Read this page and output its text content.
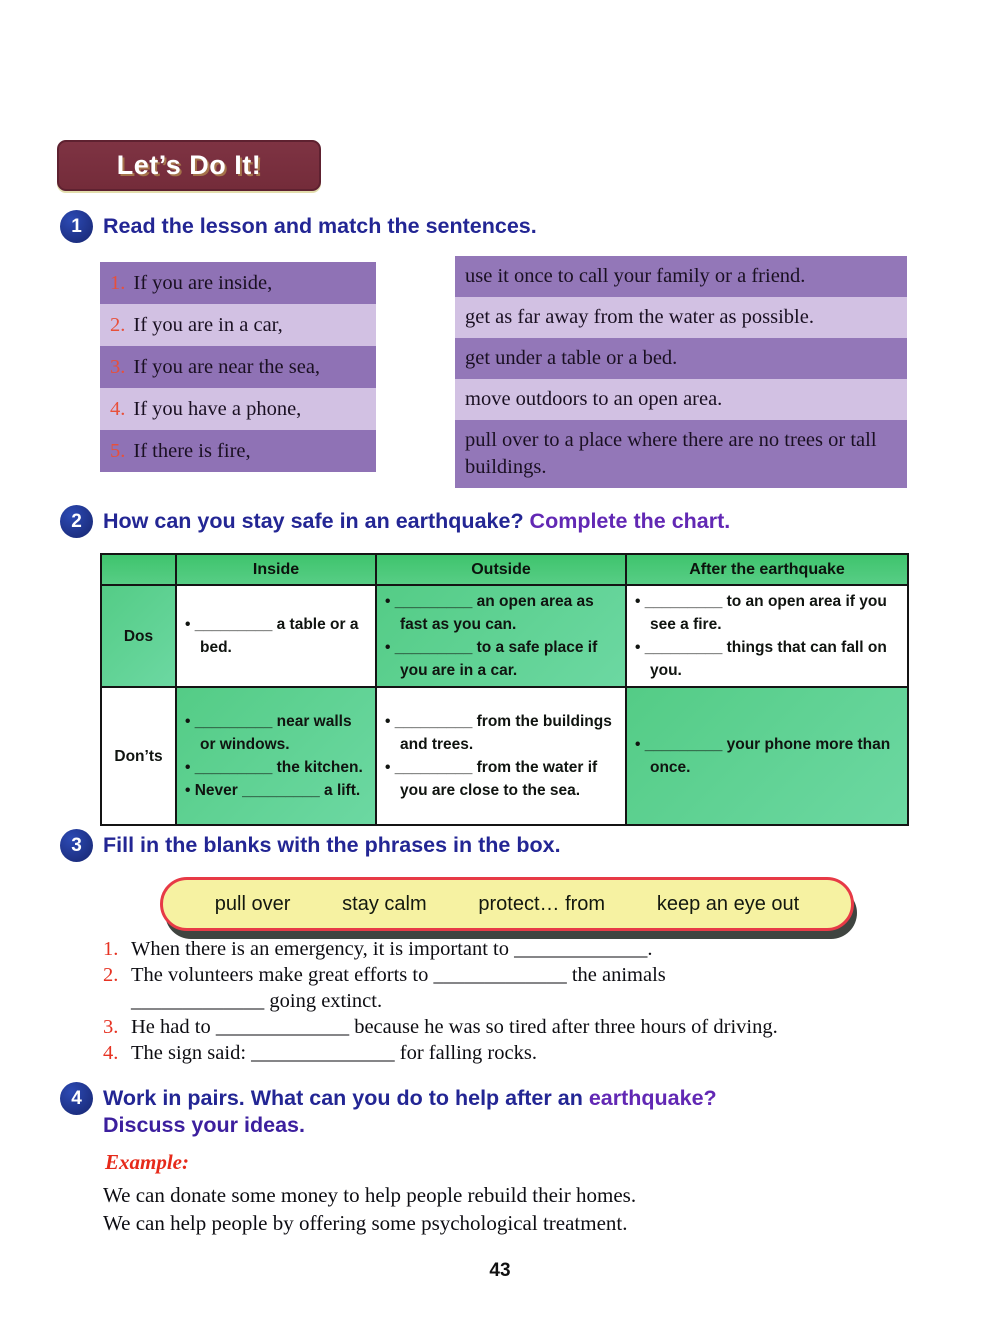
Let’s Do It!
1 Read the lesson and match the sentences.
1. If you are inside,
2. If you are in a car,
3. If you are near the sea,
4. If you have a phone,
5. If there is fire,
use it once to call your family or a friend.
get as far away from the water as possible.
get under a table or a bed.
move outdoors to an open area.
pull over to a place where there are no trees or tall buildings.
2 How can you stay safe in an earthquake? Complete the chart.
	Inside	Outside	After the earthquake
Dos	
• _________ a table or a bed.

• _________ an open area as fast as you can.
• _________ to a safe place if you are in a car.

• _________ to an open area if you see a fire.
• _________ things that can fall on you.

Don’ts	
• _________ near walls or windows.
• _________ the kitchen.
• Never _________ a lift.

• _________ from the buildings and trees.
• _________ from the water if you are close to the sea.

• _________ your phone more than once.
3 Fill in the blanks with the phrases in the box.
pull over	stay calm	protect… from	keep an eye out
1. When there is an emergency, it is important to _____________.
2. The volunteers make great efforts to _____________ the animals
_____________ going extinct.
3. He had to _____________ because he was so tired after three hours of driving.
4. The sign said: ______________ for falling rocks.
4 Work in pairs. What can you do to help after an earthquake?
Discuss your ideas.
Example:
We can donate some money to help people rebuild their homes.
We can help people by offering some psychological treatment.
43
